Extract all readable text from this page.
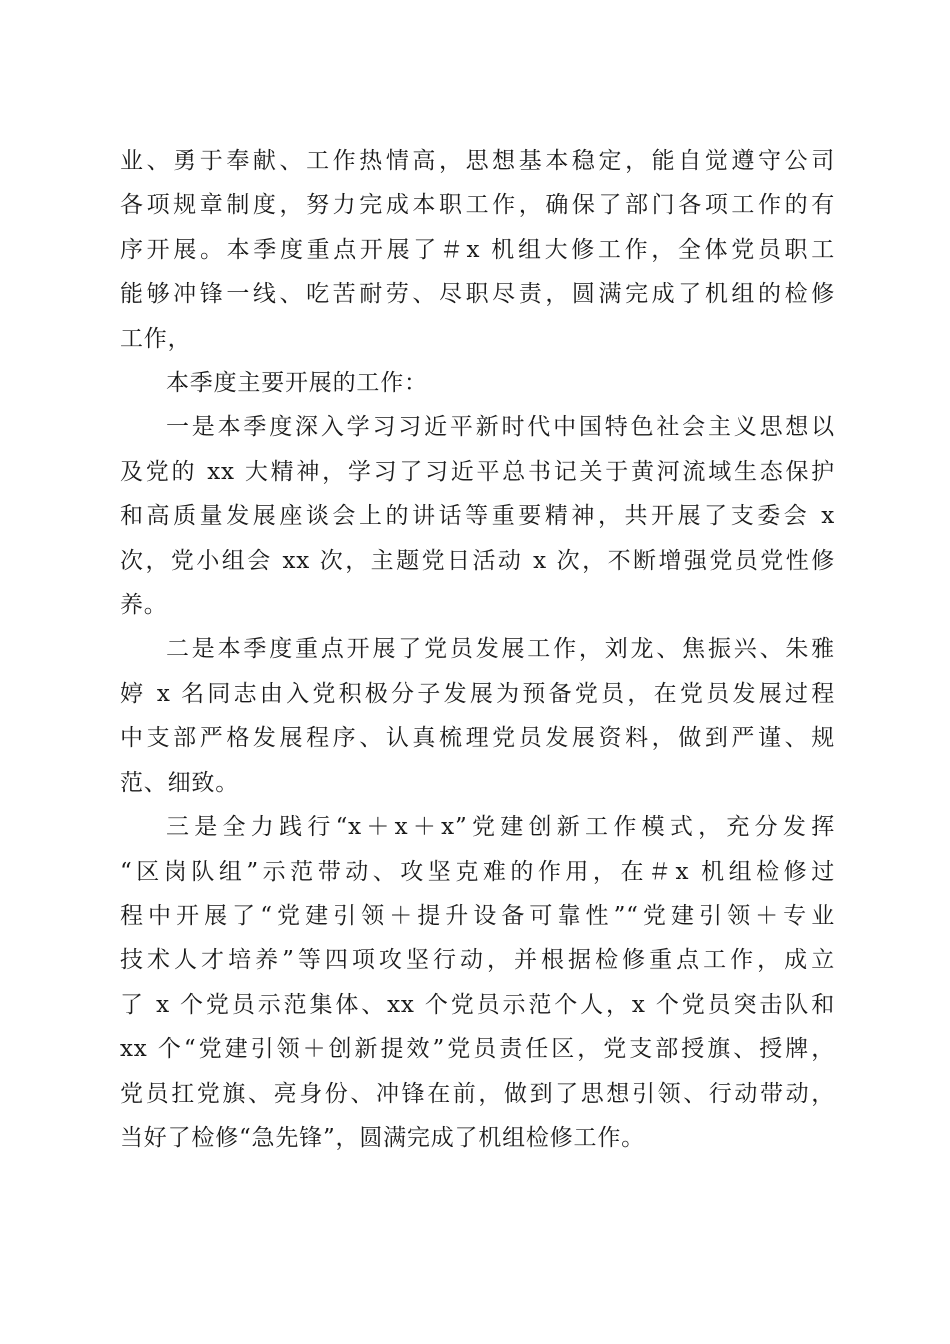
业、勇于奉献、工作热情高，思想基本稳定，能自觉遵守公司
各项规章制度，努力完成本职工作，确保了部门各项工作的有
序开展。本季度重点开展了＃x 机组大修工作，全体党员职工
能够冲锋一线、吃苦耐劳、尽职尽责，圆满完成了机组的检修
工作，

本季度主要开展的工作：

一是本季度深入学习习近平新时代中国特色社会主义思想以
及党的 xx 大精神，学习了习近平总书记关于黄河流域生态保护
和高质量发展座谈会上的讲话等重要精神，共开展了支委会 x
次，党小组会 xx 次，主题党日活动 x 次，不断增强党员党性修
养。

二是本季度重点开展了党员发展工作，刘龙、焦振兴、朱雅
婷 x 名同志由入党积极分子发展为预备党员，在党员发展过程
中支部严格发展程序、认真梳理党员发展资料，做到严谨、规
范、细致。

三是全力践行“x＋x＋x”党建创新工作模式，充分发挥
“区岗队组”示范带动、攻坚克难的作用，在＃x 机组检修过
程中开展了“党建引领＋提升设备可靠性”“党建引领＋专业
技术人才培养”等四项攻坚行动，并根据检修重点工作，成立
了 x 个党员示范集体、xx 个党员示范个人，x 个党员突击队和
xx 个“党建引领＋创新提效”党员责任区，党支部授旗、授牌，
党员扛党旗、亮身份、冲锋在前，做到了思想引领、行动带动，
当好了检修“急先锋”，圆满完成了机组检修工作。
